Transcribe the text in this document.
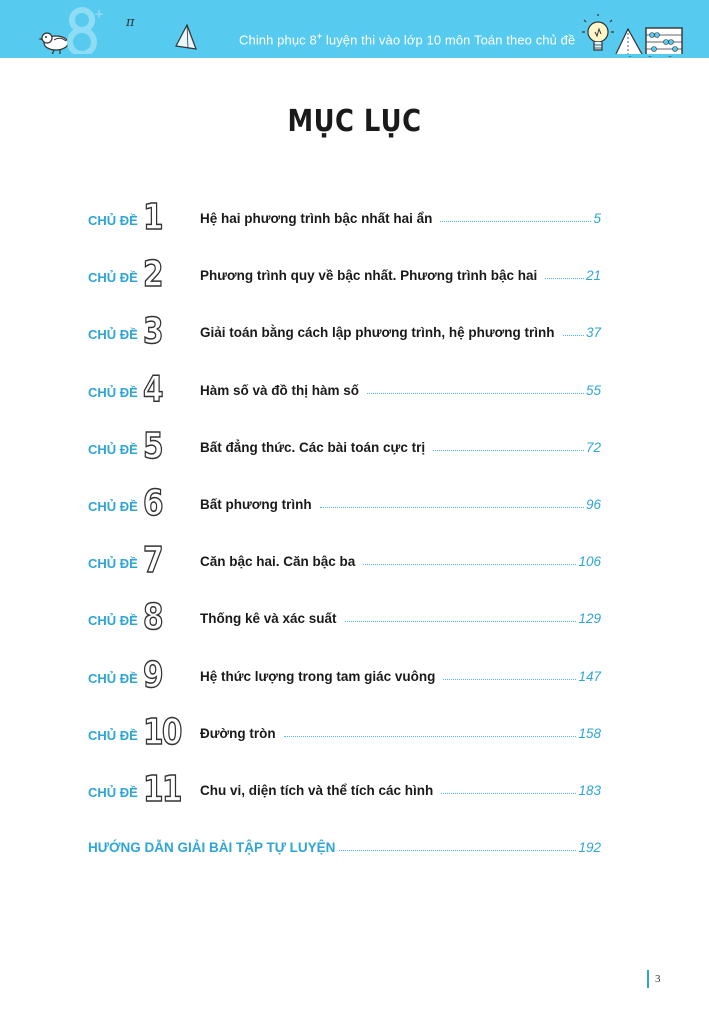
+
π
Chinh phục 8+ luyện thi vào lớp 10 môn Toán theo chủ đề
MỤC LỤC
CHỦ ĐỀ 1	Hệ hai phương trình bậc nhất hai ẩn	5
CHỦ ĐỀ 2	Phương trình quy về bậc nhất. Phương trình bậc hai	21
CHỦ ĐỀ 3	Giải toán bằng cách lập phương trình, hệ phương trình 37
CHỦ ĐỀ 4	Hàm số và đồ thị hàm số	55
CHỦ ĐỀ 5	Bất đẳng thức. Các bài toán cực trị	72
CHỦ ĐỀ 6	Bất phương trình	96
CHỦ ĐỀ 7	Căn bậc hai. Căn bậc ba	106
CHỦ ĐỀ 8	Thống kê và xác suất	129
CHỦ ĐỀ 9	Hệ thức lượng trong tam giác vuông	147
CHỦ ĐỀ 10 Đường tròn	158
CHỦ ĐỀ 11 Chu vi, diện tích và thể tích các hình	183
HƯỚNG DẪN GIẢI BÀI TẬP TỰ LUYỆN	192
3
